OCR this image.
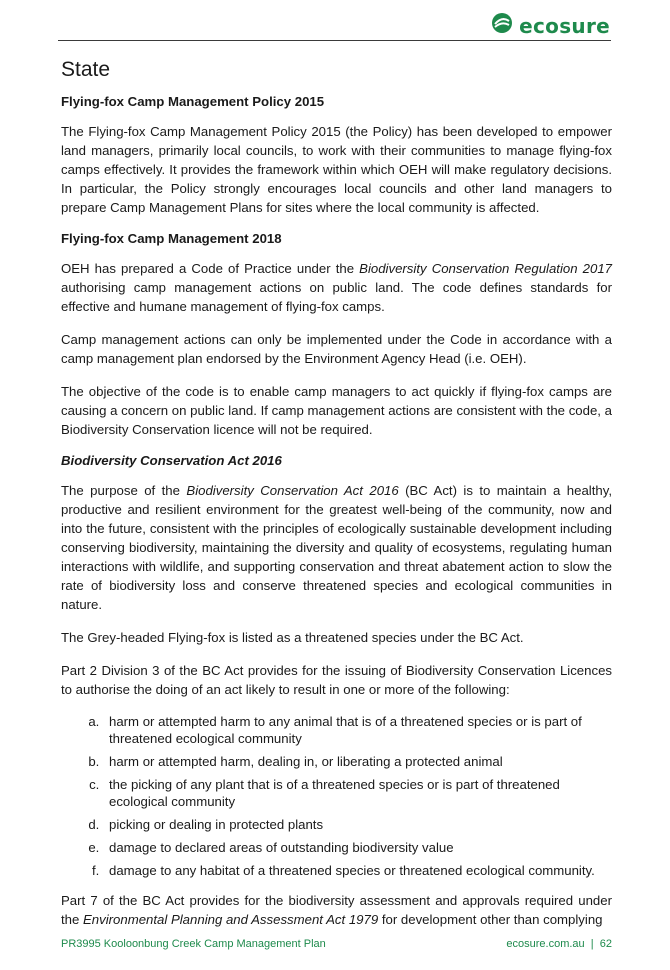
ecosure
State
Flying-fox Camp Management Policy 2015

The Flying-fox Camp Management Policy 2015 (the Policy) has been developed to empower land managers, primarily local councils, to work with their communities to manage flying-fox camps effectively. It provides the framework within which OEH will make regulatory decisions. In particular, the Policy strongly encourages local councils and other land managers to prepare Camp Management Plans for sites where the local community is affected.

Flying-fox Camp Management 2018

OEH has prepared a Code of Practice under the Biodiversity Conservation Regulation 2017 authorising camp management actions on public land. The code defines standards for effective and humane management of flying-fox camps.

Camp management actions can only be implemented under the Code in accordance with a camp management plan endorsed by the Environment Agency Head (i.e. OEH).

The objective of the code is to enable camp managers to act quickly if flying-fox camps are causing a concern on public land. If camp management actions are consistent with the code, a Biodiversity Conservation licence will not be required.

Biodiversity Conservation Act 2016

The purpose of the Biodiversity Conservation Act 2016 (BC Act) is to maintain a healthy, productive and resilient environment for the greatest well-being of the community, now and into the future, consistent with the principles of ecologically sustainable development including conserving biodiversity, maintaining the diversity and quality of ecosystems, regulating human interactions with wildlife, and supporting conservation and threat abatement action to slow the rate of biodiversity loss and conserve threatened species and ecological communities in nature.

The Grey-headed Flying-fox is listed as a threatened species under the BC Act.

Part 2 Division 3 of the BC Act provides for the issuing of Biodiversity Conservation Licences to authorise the doing of an act likely to result in one or more of the following:

a. harm or attempted harm to any animal that is of a threatened species or is part of threatened ecological community
b. harm or attempted harm, dealing in, or liberating a protected animal
c. the picking of any plant that is of a threatened species or is part of threatened ecological community
d. picking or dealing in protected plants
e. damage to declared areas of outstanding biodiversity value
f. damage to any habitat of a threatened species or threatened ecological community.

Part 7 of the BC Act provides for the biodiversity assessment and approvals required under the Environmental Planning and Assessment Act 1979 for development other than complying

PR3995 Kooloonbung Creek Camp Management Plan	ecosure.com.au  |  62
